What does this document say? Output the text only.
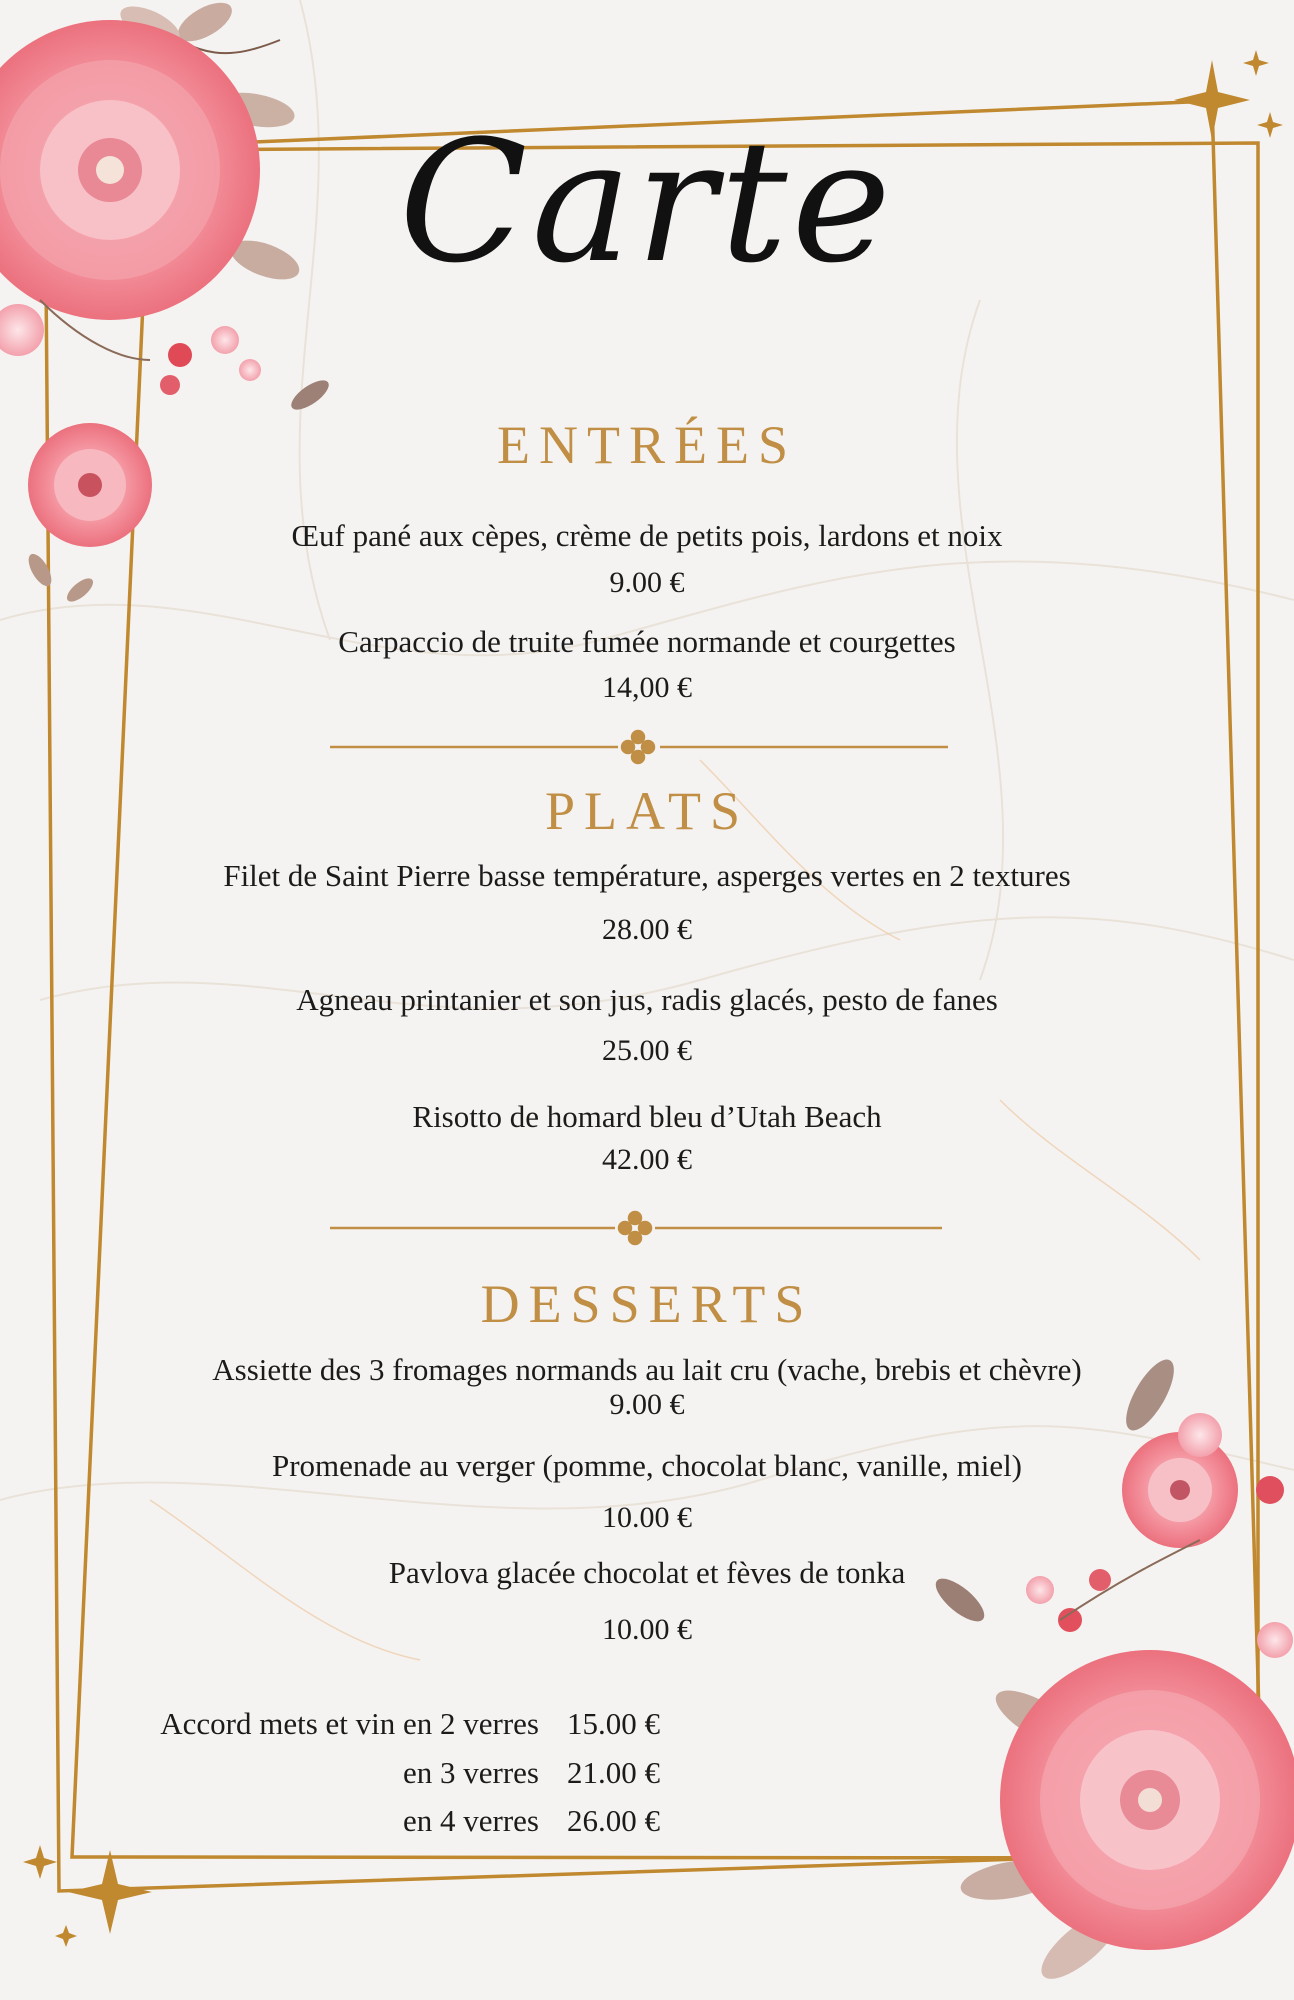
Carte
ENTRÉES
Œuf pané aux cèpes, crème de petits pois, lardons et noix
9.00 €
Carpaccio de truite fumée normande et courgettes
14,00 €
PLATS
Filet de Saint Pierre basse température, asperges vertes en 2 textures
28.00 €
Agneau printanier et son jus, radis glacés, pesto de fanes
25.00 €
Risotto de homard bleu d’Utah Beach
42.00 €
DESSERTS
Assiette des 3 fromages normands au lait cru (vache, brebis et chèvre)
9.00 €
Promenade au verger (pomme, chocolat blanc, vanille, miel)
10.00 €
Pavlova glacée chocolat et fèves de tonka
10.00 €
Accord mets et vin en 2 verres 15.00 €
en 3 verres 21.00 €
en 4 verres 26.00 €
